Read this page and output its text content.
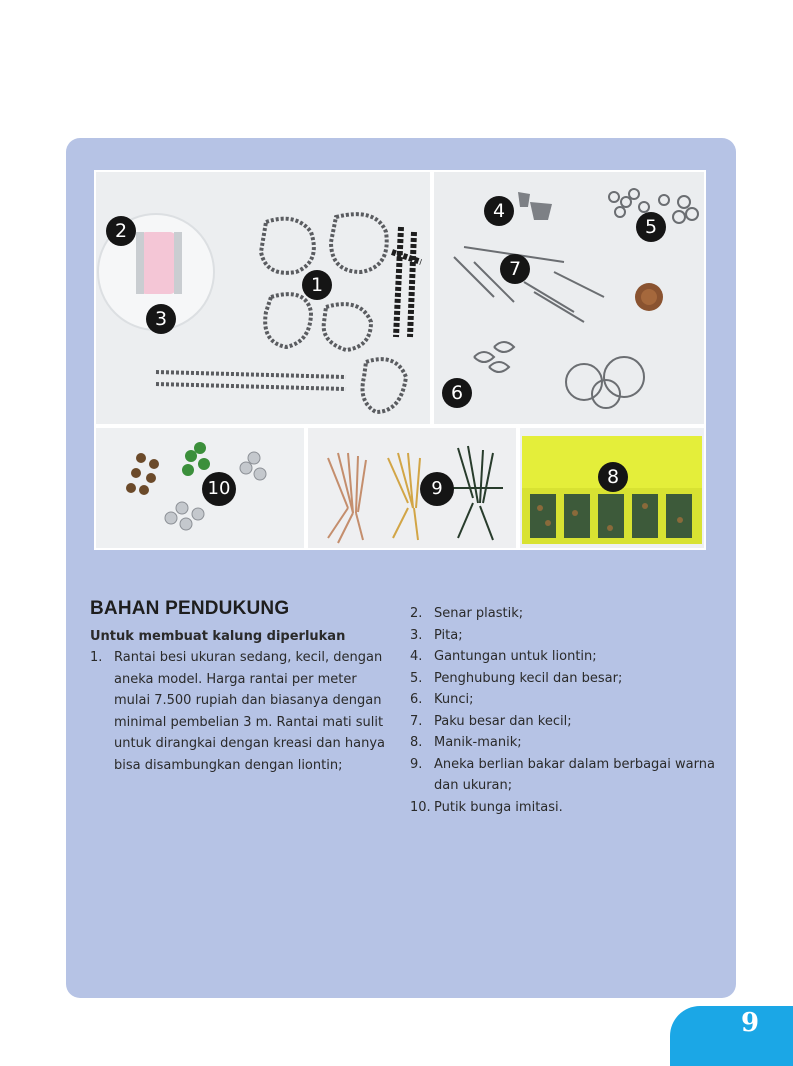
2
1
3
4
5
7
6
10	9
8
BAHAN PENDUKUNG

Untuk membuat kalung diperlukan

1. Rantai besi ukuran sedang, kecil, dengan aneka model. Harga rantai per meter mulai 7.500 rupiah dan biasanya dengan minimal pembelian 3 m. Rantai mati sulit untuk dirangkai dengan kreasi dan hanya bisa disambungkan dengan liontin;
2. Senar plastik;
3. Pita;
4. Gantungan untuk liontin;
5. Penghubung kecil dan besar;
6. Kunci;
7. Paku besar dan kecil;
8. Manik-manik;
9. Aneka berlian bakar dalam berbagai warna dan ukuran;
10. Putik bunga imitasi.
9
